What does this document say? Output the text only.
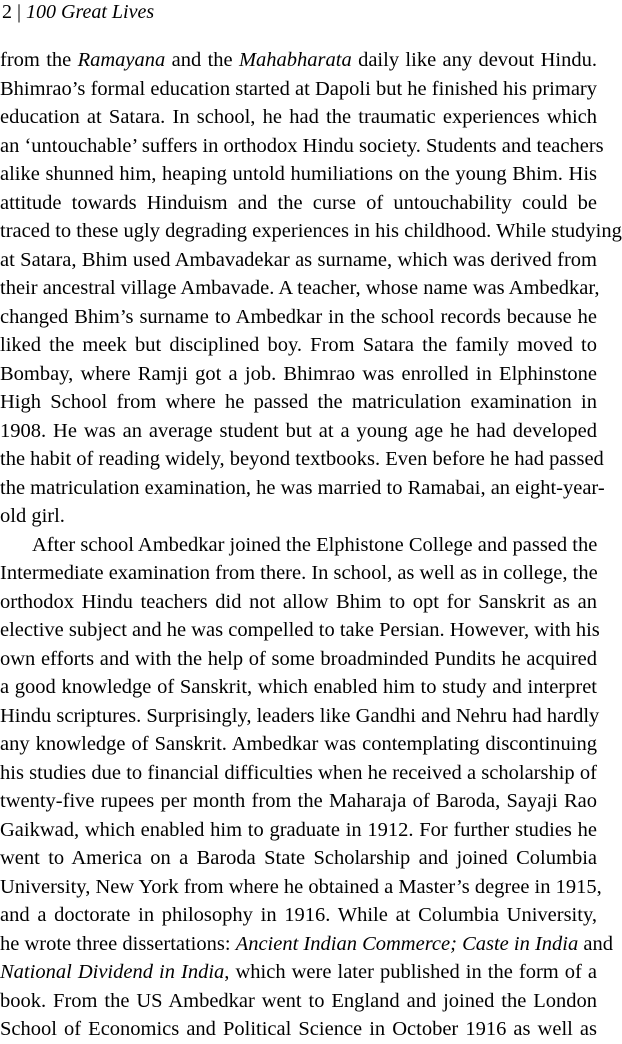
2 | 100 Great Lives
from the Ramayana and the Mahabharata daily like any devout Hindu.
Bhimrao’s formal education started at Dapoli but he finished his primary
education at Satara. In school, he had the traumatic experiences which
an ‘untouchable’ suffers in orthodox Hindu society. Students and teachers
alike shunned him, heaping untold humiliations on the young Bhim. His
attitude towards Hinduism and the curse of untouchability could be
traced to these ugly degrading experiences in his childhood. While studying
at Satara, Bhim used Ambavadekar as surname, which was derived from
their ancestral village Ambavade. A teacher, whose name was Ambedkar,
changed Bhim’s surname to Ambedkar in the school records because he
liked the meek but disciplined boy. From Satara the family moved to
Bombay, where Ramji got a job. Bhimrao was enrolled in Elphinstone
High School from where he passed the matriculation examination in
1908. He was an average student but at a young age he had developed
the habit of reading widely, beyond textbooks. Even before he had passed
the matriculation examination, he was married to Ramabai, an eight-year-
old girl.
After school Ambedkar joined the Elphistone College and passed the
Intermediate examination from there. In school, as well as in college, the
orthodox Hindu teachers did not allow Bhim to opt for Sanskrit as an
elective subject and he was compelled to take Persian. However, with his
own efforts and with the help of some broadminded Pundits he acquired
a good knowledge of Sanskrit, which enabled him to study and interpret
Hindu scriptures. Surprisingly, leaders like Gandhi and Nehru had hardly
any knowledge of Sanskrit. Ambedkar was contemplating discontinuing
his studies due to financial difficulties when he received a scholarship of
twenty-five rupees per month from the Maharaja of Baroda, Sayaji Rao
Gaikwad, which enabled him to graduate in 1912. For further studies he
went to America on a Baroda State Scholarship and joined Columbia
University, New York from where he obtained a Master’s degree in 1915,
and a doctorate in philosophy in 1916. While at Columbia University,
he wrote three dissertations: Ancient Indian Commerce; Caste in India and
National Dividend in India, which were later published in the form of a
book. From the US Ambedkar went to England and joined the London
School of Economics and Political Science in October 1916 as well as
